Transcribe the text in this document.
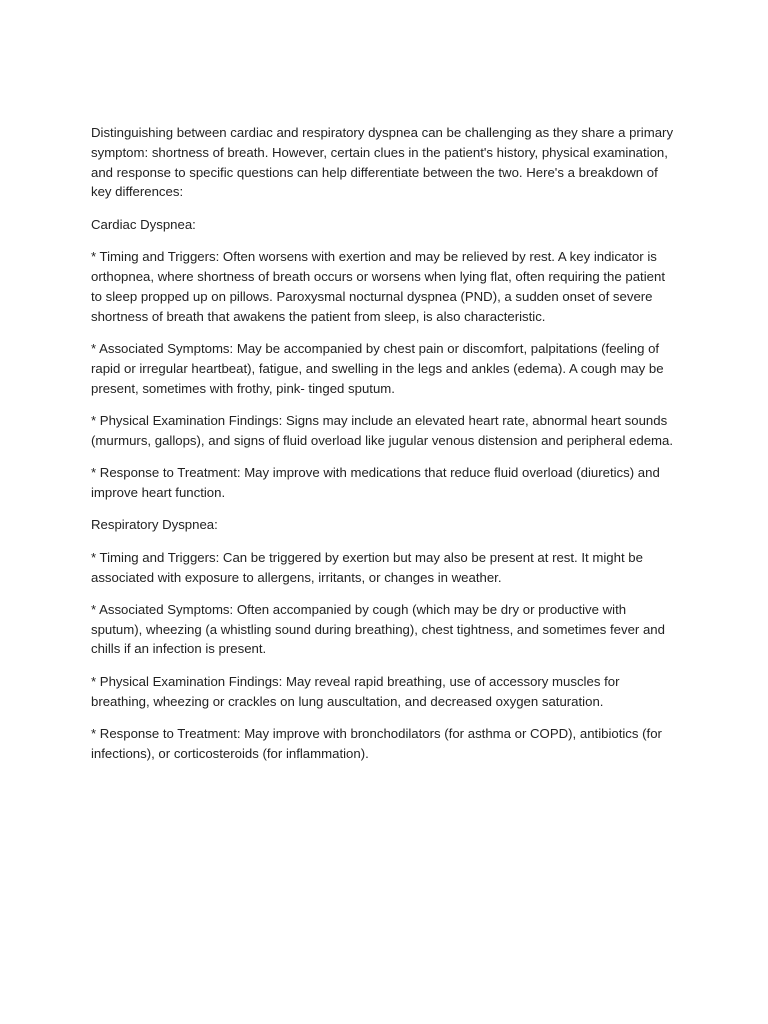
Distinguishing between cardiac and respiratory dyspnea can be challenging as they share a primary symptom: shortness of breath. However, certain clues in the patient's history, physical examination, and response to specific questions can help differentiate between the two. Here's a breakdown of key differences:

Cardiac Dyspnea:

* Timing and Triggers: Often worsens with exertion and may be relieved by rest. A key indicator is orthopnea, where shortness of breath occurs or worsens when lying flat, often requiring the patient to sleep propped up on pillows. Paroxysmal nocturnal dyspnea (PND), a sudden onset of severe shortness of breath that awakens the patient from sleep, is also characteristic.

* Associated Symptoms: May be accompanied by chest pain or discomfort, palpitations (feeling of rapid or irregular heartbeat), fatigue, and swelling in the legs and ankles (edema). A cough may be present, sometimes with frothy, pink- tinged sputum.

* Physical Examination Findings: Signs may include an elevated heart rate, abnormal heart sounds (murmurs, gallops), and signs of fluid overload like jugular venous distension and peripheral edema.

* Response to Treatment: May improve with medications that reduce fluid overload (diuretics) and improve heart function.

Respiratory Dyspnea:

* Timing and Triggers: Can be triggered by exertion but may also be present at rest. It might be associated with exposure to allergens, irritants, or changes in weather.

* Associated Symptoms: Often accompanied by cough (which may be dry or productive with sputum), wheezing (a whistling sound during breathing), chest tightness, and sometimes fever and chills if an infection is present.

* Physical Examination Findings: May reveal rapid breathing, use of accessory muscles for breathing, wheezing or crackles on lung auscultation, and decreased oxygen saturation.

* Response to Treatment: May improve with bronchodilators (for asthma or COPD), antibiotics (for infections), or corticosteroids (for inflammation).
